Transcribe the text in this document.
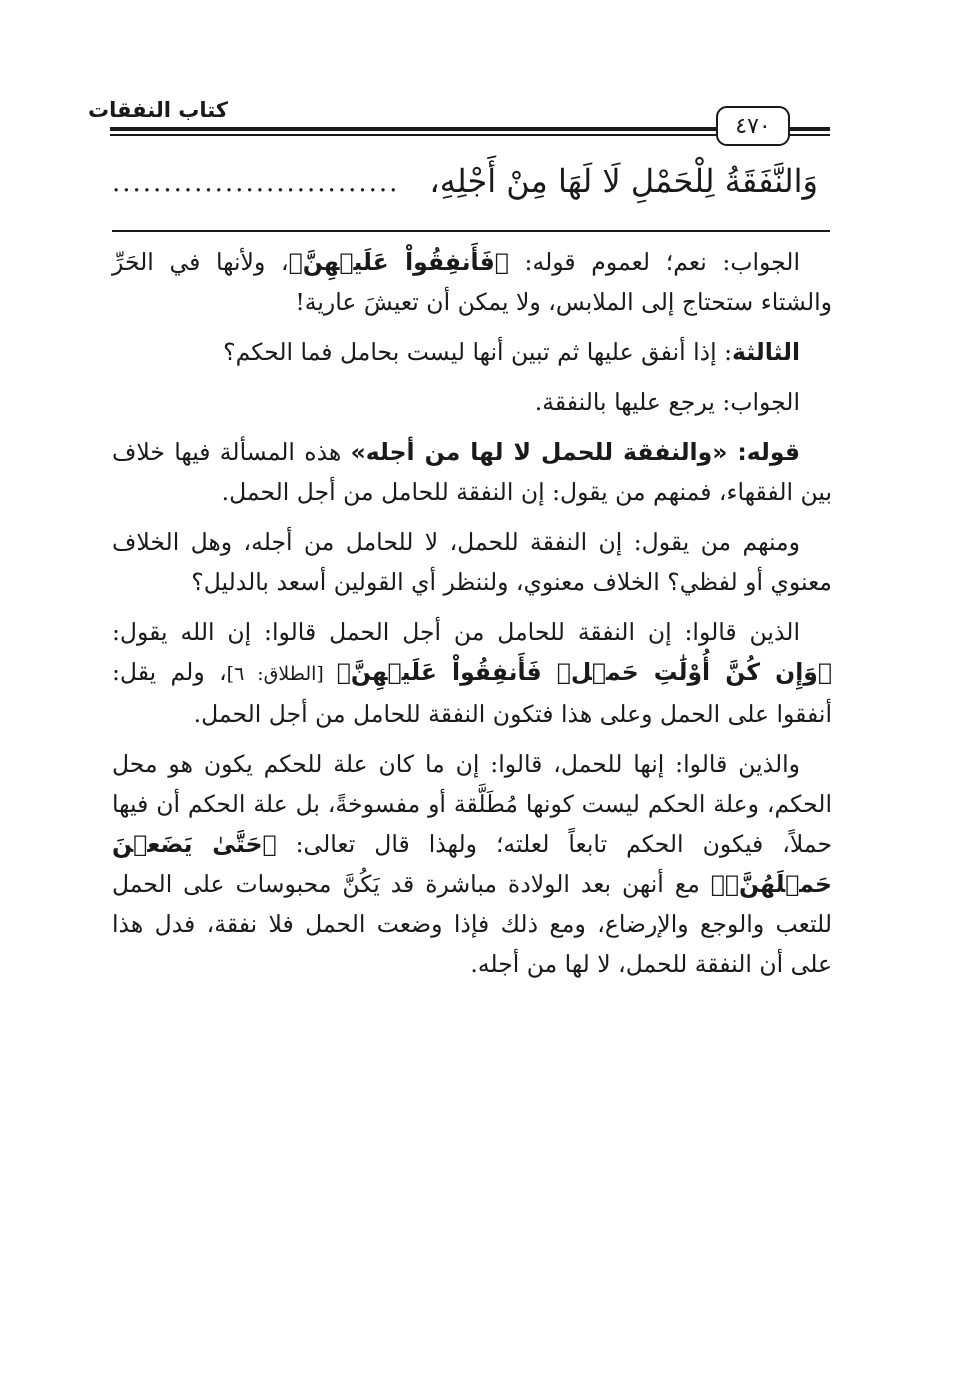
كتاب النفقات
٤٧٠
وَالنَّفَقَةُ لِلْحَمْلِ لَا لَهَا مِنْ أَجْلِهِ،
............................

الجواب: نعم؛ لعموم قوله: ﴿فَأَنفِقُواْ عَلَيۡهِنَّ﴾، ولأنها في الحَرِّ والشتاء ستحتاج إلى الملابس، ولا يمكن أن تعيشَ عارية!

الثالثة: إذا أنفق عليها ثم تبين أنها ليست بحامل فما الحكم؟

الجواب: يرجع عليها بالنفقة.

قوله: «والنفقة للحمل لا لها من أجله» هذه المسألة فيها خلاف بين الفقهاء، فمنهم من يقول: إن النفقة للحامل من أجل الحمل.

ومنهم من يقول: إن النفقة للحمل، لا للحامل من أجله، وهل الخلاف معنوي أو لفظي؟ الخلاف معنوي، ولننظر أي القولين أسعد بالدليل؟

الذين قالوا: إن النفقة للحامل من أجل الحمل قالوا: إن الله يقول: ﴿وَإِن كُنَّ أُوْلَٰتِ حَمۡلٖ فَأَنفِقُواْ عَلَيۡهِنَّ﴾ [الطلاق: ٦]، ولم يقل: أنفقوا على الحمل وعلى هذا فتكون النفقة للحامل من أجل الحمل.

والذين قالوا: إنها للحمل، قالوا: إن ما كان علة للحكم يكون هو محل الحكم، وعلة الحكم ليست كونها مُطَلَّقة أو مفسوخةً، بل علة الحكم أن فيها حملاً، فيكون الحكم تابعاً لعلته؛ ولهذا قال تعالى: ﴿حَتَّىٰ يَضَعۡنَ حَمۡلَهُنَّۚ﴾ مع أنهن بعد الولادة مباشرة قد يَكُنَّ محبوسات على الحمل للتعب والوجع والإرضاع، ومع ذلك فإذا وضعت الحمل فلا نفقة، فدل هذا على أن النفقة للحمل، لا لها من أجله.
